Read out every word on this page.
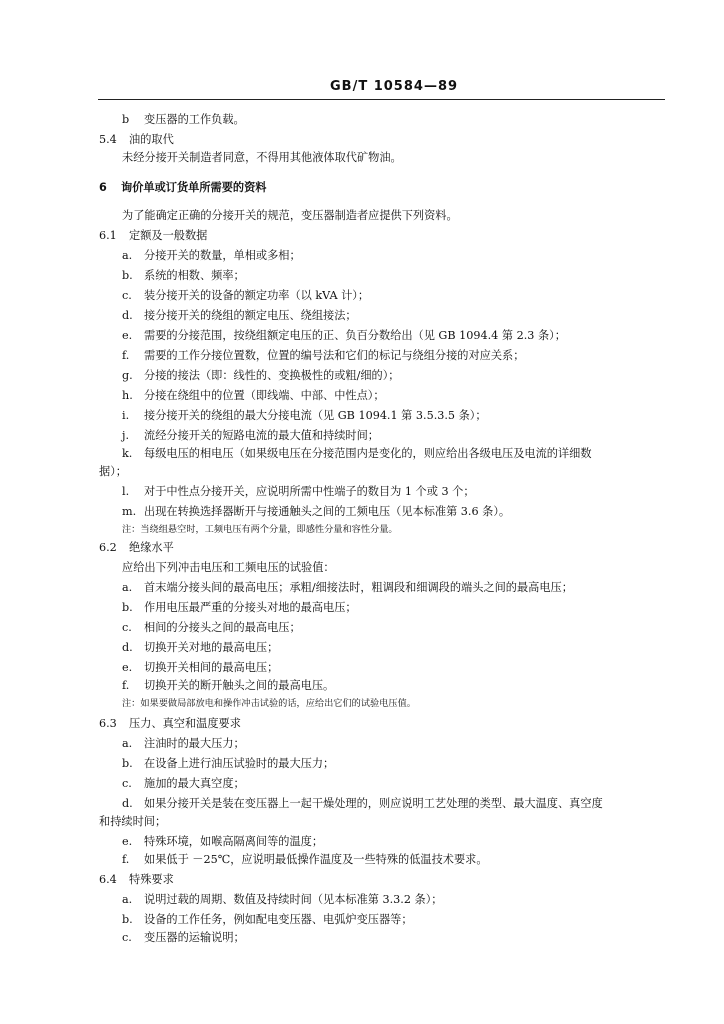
GB/T 10584—89
b 变压器的工作负载。
5.4 油的取代
未经分接开关制造者同意，不得用其他液体取代矿物油。
6 询价单或订货单所需要的资料
为了能确定正确的分接开关的规范，变压器制造者应提供下列资料。
6.1 定额及一般数据
a. 分接开关的数量，单相或多相；
b. 系统的相数、频率；
c. 装分接开关的设备的额定功率（以 kVA 计）；
d. 接分接开关的绕组的额定电压、绕组接法；
e. 需要的分接范围，按绕组额定电压的正、负百分数给出（见 GB 1094.4 第 2.3 条）；
f. 需要的工作分接位置数，位置的编号法和它们的标记与绕组分接的对应关系；
g. 分接的接法（即：线性的、变换极性的或粗/细的）；
h. 分接在绕组中的位置（即线端、中部、中性点）；
i. 接分接开关的绕组的最大分接电流（见 GB 1094.1 第 3.5.3.5 条）；
j. 流经分接开关的短路电流的最大值和持续时间；
k. 每级电压的相电压（如果级电压在分接范围内是变化的，则应给出各级电压及电流的详细数
据）；
l. 对于中性点分接开关，应说明所需中性端子的数目为 1 个或 3 个；
m. 出现在转换选择器断开与接通触头之间的工频电压（见本标准第 3.6 条）。
注：当绕组悬空时，工频电压有两个分量，即感性分量和容性分量。
6.2 绝缘水平
应给出下列冲击电压和工频电压的试验值：
a. 首末端分接头间的最高电压；承粗/细接法时，粗调段和细调段的端头之间的最高电压；
b. 作用电压最严重的分接头对地的最高电压；
c. 相间的分接头之间的最高电压；
d. 切换开关对地的最高电压；
e. 切换开关相间的最高电压；
f. 切换开关的断开触头之间的最高电压。
注：如果要做局部放电和操作冲击试验的话，应给出它们的试验电压值。
6.3 压力、真空和温度要求
a. 注油时的最大压力；
b. 在设备上进行油压试验时的最大压力；
c. 施加的最大真空度；
d. 如果分接开关是装在变压器上一起干燥处理的，则应说明工艺处理的类型、最大温度、真空度
和持续时间；
e. 特殊环境，如喉高隔离间等的温度；
f. 如果低于 －25℃，应说明最低操作温度及一些特殊的低温技术要求。
6.4 特殊要求
a. 说明过载的周期、数值及持续时间（见本标准第 3.3.2 条）；
b. 设备的工作任务，例如配电变压器、电弧炉变压器等；
c. 变压器的运输说明；
